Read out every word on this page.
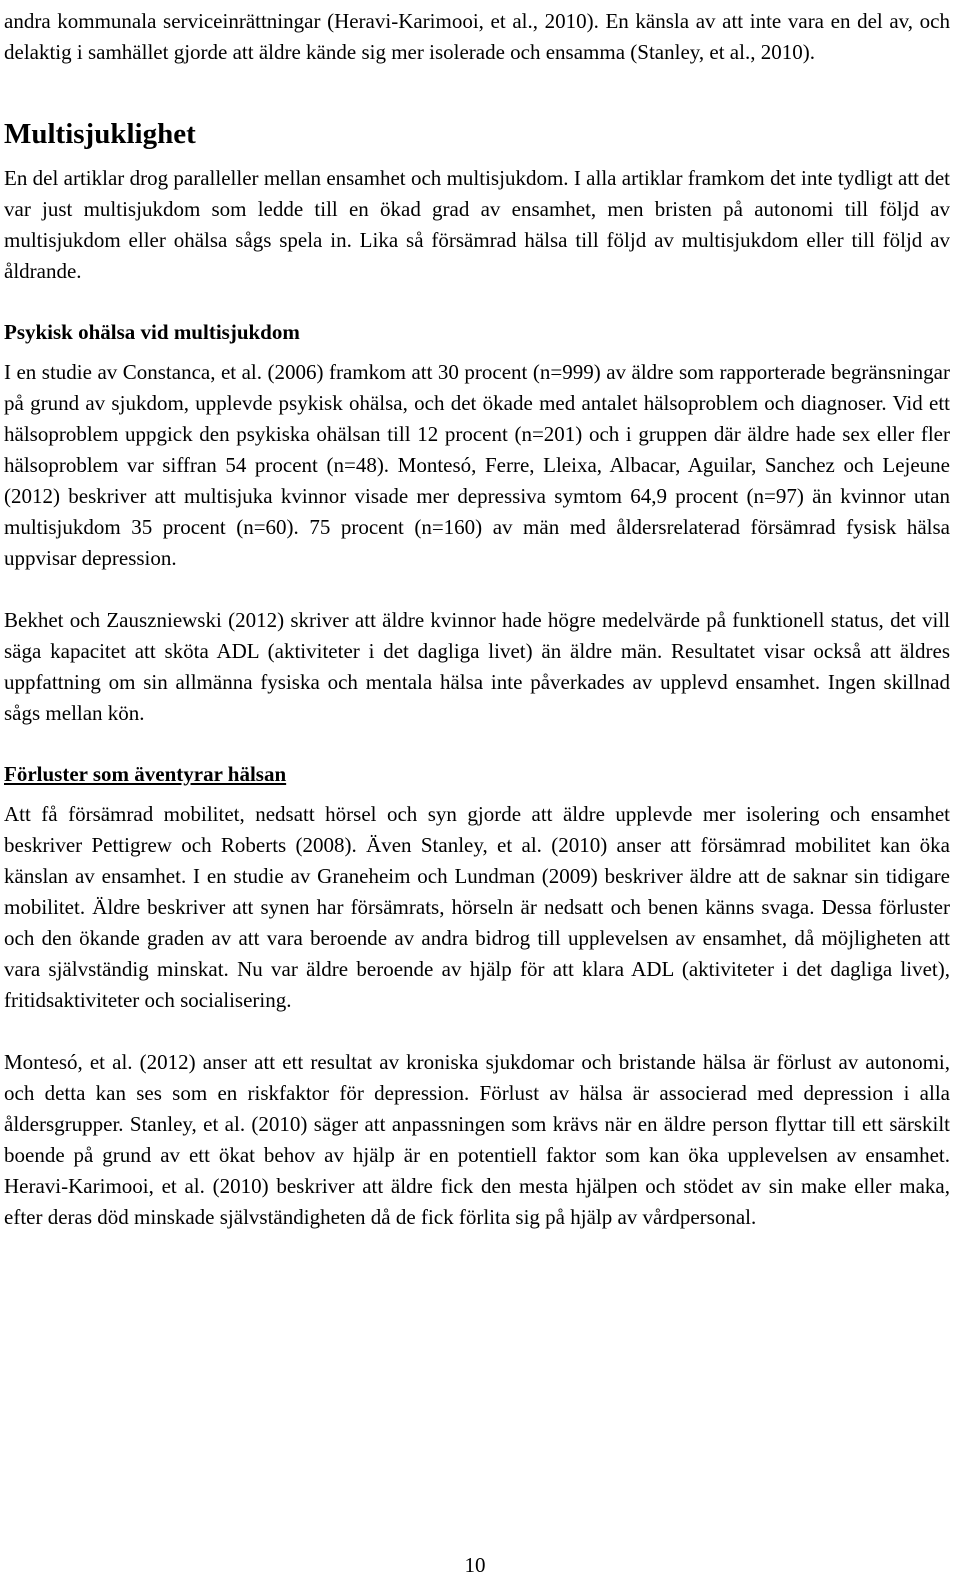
andra kommunala serviceinrättningar (Heravi-Karimooi, et al., 2010). En känsla av att inte vara en del av, och delaktig i samhället gjorde att äldre kände sig mer isolerade och ensamma (Stanley, et al., 2010).

Multisjuklighet

En del artiklar drog paralleller mellan ensamhet och multisjukdom. I alla artiklar framkom det inte tydligt att det var just multisjukdom som ledde till en ökad grad av ensamhet, men bristen på autonomi till följd av multisjukdom eller ohälsa sågs spela in. Lika så försämrad hälsa till följd av multisjukdom eller till följd av åldrande.

Psykisk ohälsa vid multisjukdom

I en studie av Constanca, et al. (2006) framkom att 30 procent (n=999) av äldre som rapporterade begränsningar på grund av sjukdom, upplevde psykisk ohälsa, och det ökade med antalet hälsoproblem och diagnoser. Vid ett hälsoproblem uppgick den psykiska ohälsan till 12 procent (n=201) och i gruppen där äldre hade sex eller fler hälsoproblem var siffran 54 procent (n=48). Montesó, Ferre, Lleixa, Albacar, Aguilar, Sanchez och Lejeune (2012) beskriver att multisjuka kvinnor visade mer depressiva symtom 64,9 procent (n=97) än kvinnor utan multisjukdom 35 procent (n=60). 75 procent (n=160) av män med åldersrelaterad försämrad fysisk hälsa uppvisar depression.

Bekhet och Zauszniewski (2012) skriver att äldre kvinnor hade högre medelvärde på funktionell status, det vill säga kapacitet att sköta ADL (aktiviteter i det dagliga livet) än äldre män. Resultatet visar också att äldres uppfattning om sin allmänna fysiska och mentala hälsa inte påverkades av upplevd ensamhet. Ingen skillnad sågs mellan kön.

Förluster som äventyrar hälsan

Att få försämrad mobilitet, nedsatt hörsel och syn gjorde att äldre upplevde mer isolering och ensamhet beskriver Pettigrew och Roberts (2008). Även Stanley, et al. (2010) anser att försämrad mobilitet kan öka känslan av ensamhet. I en studie av Graneheim och Lundman (2009) beskriver äldre att de saknar sin tidigare mobilitet. Äldre beskriver att synen har försämrats, hörseln är nedsatt och benen känns svaga. Dessa förluster och den ökande graden av att vara beroende av andra bidrog till upplevelsen av ensamhet, då möjligheten att vara självständig minskat. Nu var äldre beroende av hjälp för att klara ADL (aktiviteter i det dagliga livet), fritidsaktiviteter och socialisering.

Montesó, et al. (2012) anser att ett resultat av kroniska sjukdomar och bristande hälsa är förlust av autonomi, och detta kan ses som en riskfaktor för depression. Förlust av hälsa är associerad med depression i alla åldersgrupper. Stanley, et al. (2010) säger att anpassningen som krävs när en äldre person flyttar till ett särskilt boende på grund av ett ökat behov av hjälp är en potentiell faktor som kan öka upplevelsen av ensamhet. Heravi-Karimooi, et al. (2010) beskriver att äldre fick den mesta hjälpen och stödet av sin make eller maka, efter deras död minskade självständigheten då de fick förlita sig på hjälp av vårdpersonal.

10
